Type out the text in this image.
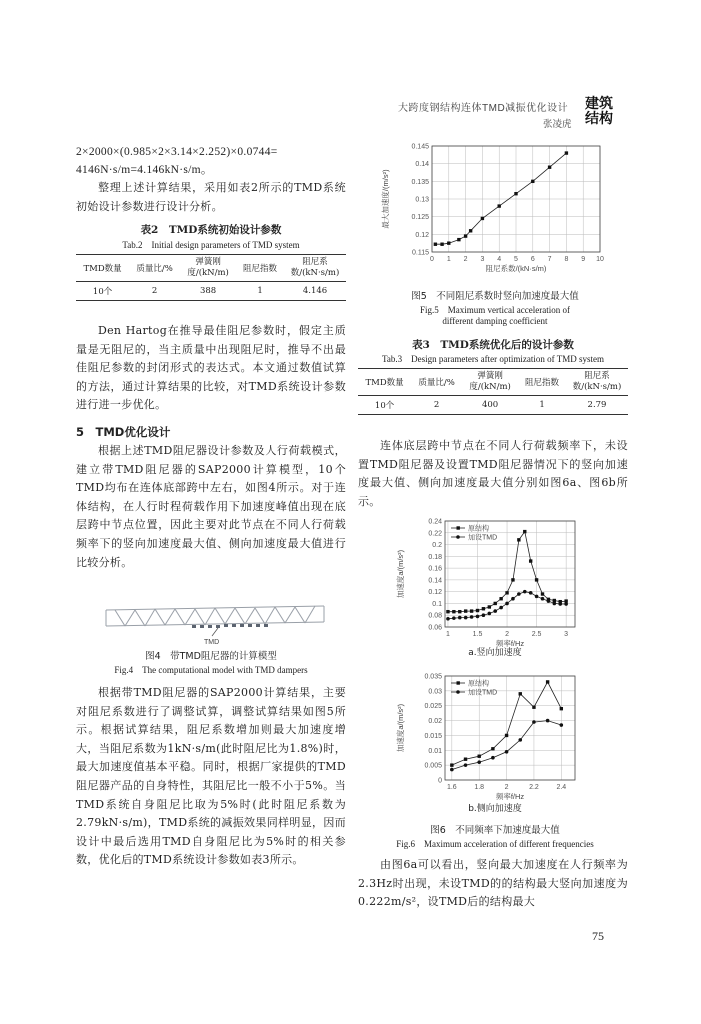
大跨度钢结构连体TMD减振优化设计
张凌虎
建筑
结构
2×2000×(0.985×2×3.14×2.252)×0.0744=
4146N·s/m=4.146kN·s/m。
整理上述计算结果，采用如表2所示的TMD系统初始设计参数进行设计分析。
表2　TMD系统初始设计参数
Tab.2　Initial design parameters of TMD system
TMD数量	质量比/%	弹簧刚度/(kN/m)	阻尼指数	阻尼系数/(kN·s/m)
10个	2	388	1	4.146
Den Hartog在推导最佳阻尼参数时，假定主质量是无阻尼的，当主质量中出现阻尼时，推导不出最佳阻尼参数的封闭形式的表达式。本文通过数值试算的方法，通过计算结果的比较，对TMD系统设计参数进行进一步优化。
5　TMD优化设计
根据上述TMD阻尼器设计参数及人行荷载模式，建立带TMD阻尼器的SAP2000计算模型，10个TMD均布在连体底部跨中左右，如图4所示。对于连体结构，在人行时程荷载作用下加速度峰值出现在底层跨中节点位置，因此主要对此节点在不同人行荷载频率下的竖向加速度最大值、侧向加速度最大值进行比较分析。
TMD
图4　带TMD阻尼器的计算模型
Fig.4　The computational model with TMD dampers
根据带TMD阻尼器的SAP2000计算结果，主要对阻尼系数进行了调整试算，调整试算结果如图5所示。根据试算结果，阻尼系数增加则最大加速度增大，当阻尼系数为1kN·s/m(此时阻尼比为1.8%)时，最大加速度值基本平稳。同时，根据厂家提供的TMD阻尼器产品的自身特性，其阻尼比一般不小于5%。当TMD系统自身阻尼比取为5%时(此时阻尼系数为2.79kN·s/m)，TMD系统的减振效果同样明显，因而设计中最后选用TMD自身阻尼比为5%时的相关参数，优化后的TMD系统设计参数如表3所示。
0.115
0.12
0.125
0.13
0.135
0.14
0.145
0 1 2 3 4 5 6 7 8 9 10
阻尼系数/(kN·s/m)
最大加速度/(m/s²)
图5　不同阻尼系数时竖向加速度最大值
Fig.5　Maximum vertical acceleration of
different damping coefficient
表3　TMD系统优化后的设计参数
Tab.3　Design parameters after optimization of TMD system
TMD数量	质量比/%	弹簧刚度/(kN/m)	阻尼指数	阻尼系数/(kN·s/m)
10个	2	400	1	2.79
连体底层跨中节点在不同人行荷载频率下，未设置TMD阻尼器及设置TMD阻尼器情况下的竖向加速度最大值、侧向加速度最大值分别如图6a、图6b所示。
0.06
0.08
0.1
0.12
0.14
0.16
0.18
0.2
0.22
0.24
1	1.5	2	2.5	3
频率f/Hz
加速度a/(m/s²)
原结构
加设TMD
a.竖向加速度
0
0.005
0.01
0.015
0.02
0.025
0.03
0.035
1.6	1.8	2	2.2	2.4
频率f/Hz
加速度a/(m/s²)
原结构
加设TMD
b.侧向加速度
图6　不同频率下加速度最大值
Fig.6　Maximum acceleration of different frequencies
由图6a可以看出，竖向最大加速度在人行频率为2.3Hz时出现，未设TMD的的结构最大竖向加速度为0.222m/s²，设TMD后的结构最大
75
